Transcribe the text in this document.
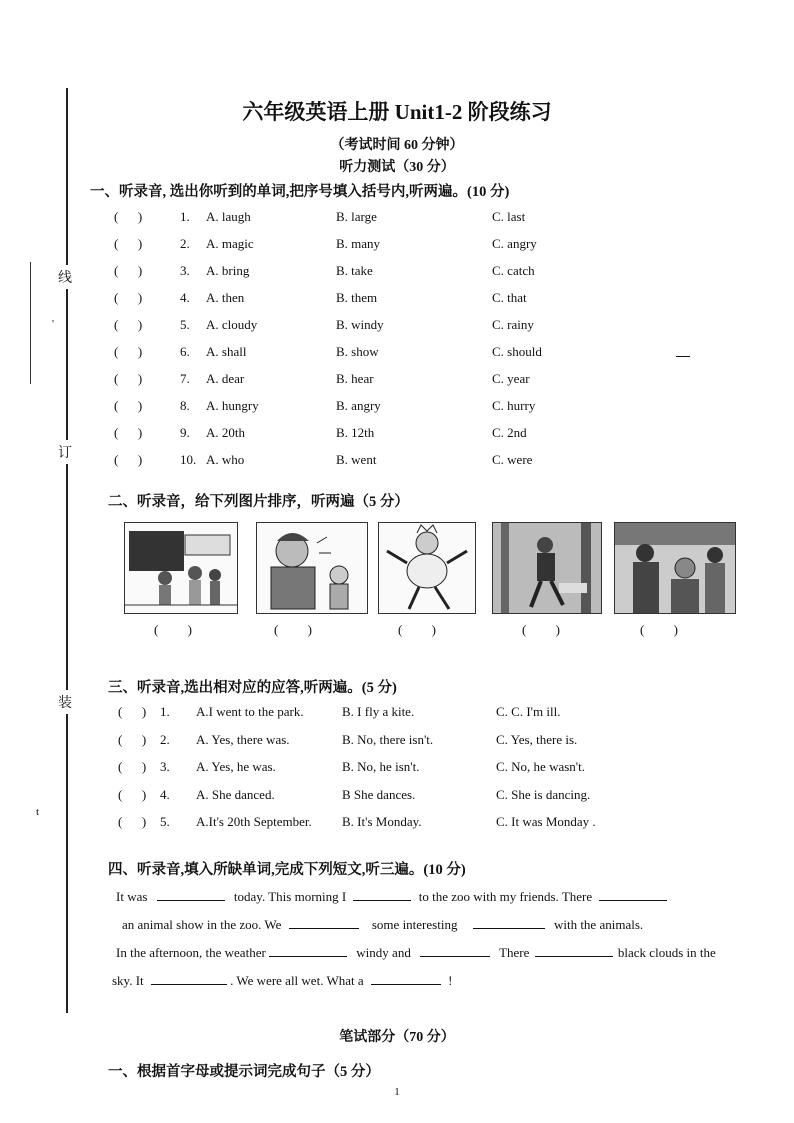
线
订
装
'
t
六年级英语上册 Unit1-2 阶段练习
（考试时间 60 分钟）
听力测试（30 分）
一、听录音, 选出你听到的单词,把序号填入括号内,听两遍。(10 分)
(      )	1. A. laugh	B. large	C. last
(      )	2. A. magic	B. many	C. angry
(      )	3. A. bring	B. take	C. catch
(      )	4. A. then	B. them	C. that
(      )	5. A. cloudy	B. windy	C. rainy
(      )	6. A. shall	B. show	C. should
(      )	7. A. dear	B. hear	C. year
(      )	8. A. hungry	B. angry	C. hurry
(      )	9. A. 20th	B. 12th	C. 2nd
(      )	10. A. who	B. went	C. were
二、听录音，给下列图片排序，听两遍（5 分）
(         )	(         )	(         )	(         )	(         )
三、听录音,选出相对应的应答,听两遍。(5 分)
(      ) 1. A.I went to the park.	B. I fly a kite.	C. C. I'm ill.
(      ) 2. A. Yes, there was.	B. No, there isn't.	C. Yes, there is.
(      ) 3. A. Yes, he was.	B. No, he isn't.	C. No, he wasn't.
(      ) 4. A. She danced.	B She dances.	C. She is dancing.
(      ) 5. A.It's 20th September. B. It's Monday.	C. It was Monday .
四、听录音,填入所缺单词,完成下列短文,听三遍。(10 分)
It was	today. This morning I	to the zoo with my friends. There
an animal show in the zoo. We	some interesting	with the animals.
In the afternoon, the weather	windy and	There	black clouds in the
sky. It	. We were all wet. What a	!
笔试部分（70 分）
一、根据首字母或提示词完成句子（5 分）
1
